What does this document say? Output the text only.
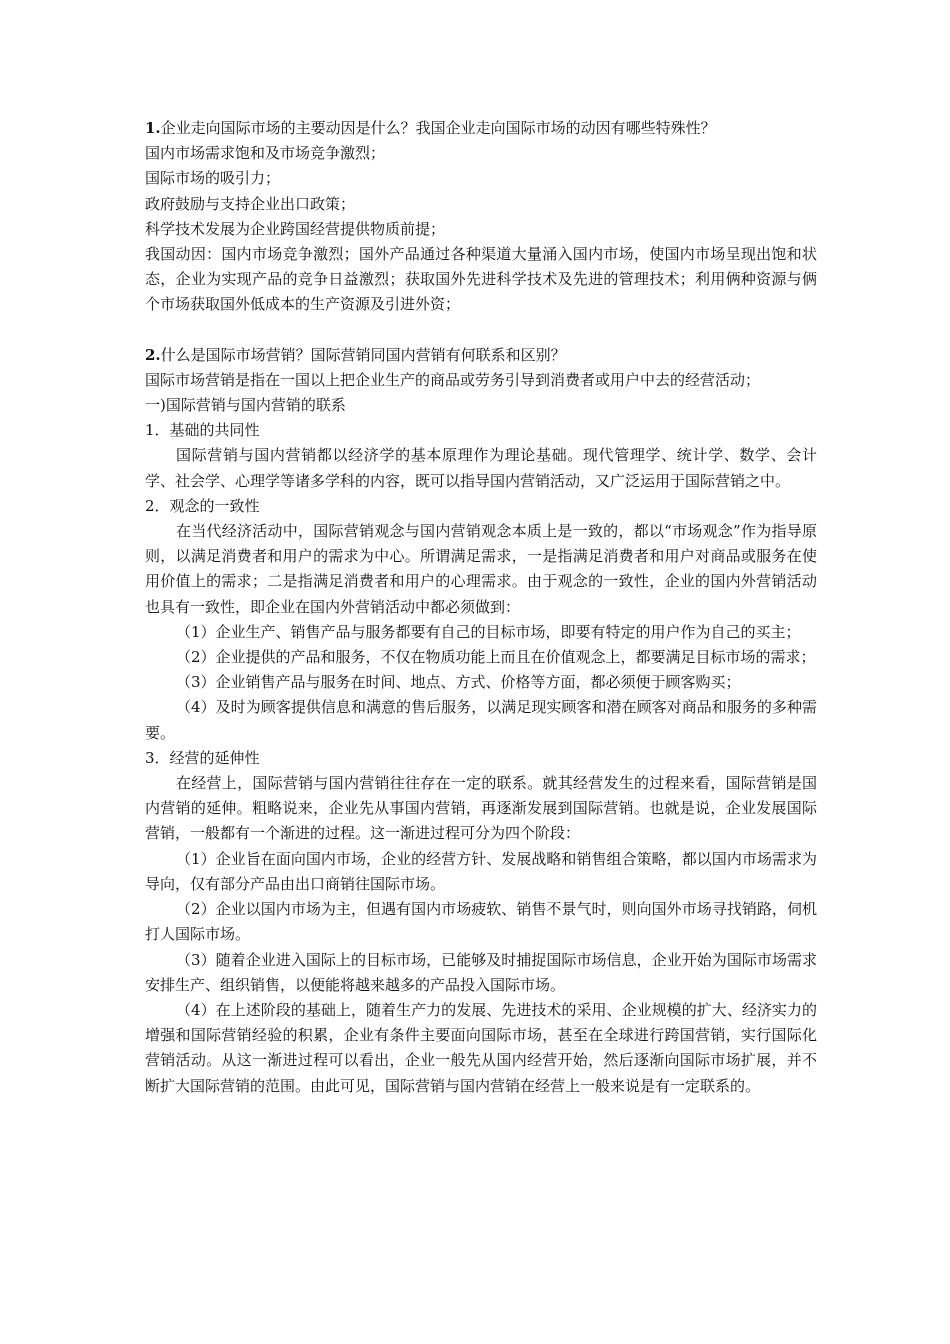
1.企业走向国际市场的主要动因是什么？我国企业走向国际市场的动因有哪些特殊性？

国内市场需求饱和及市场竞争激烈；

国际市场的吸引力；

政府鼓励与支持企业出口政策；

科学技术发展为企业跨国经营提供物质前提；

我国动因：国内市场竞争激烈；国外产品通过各种渠道大量涌入国内市场，使国内市场呈现出饱和状态，企业为实现产品的竞争日益激烈；获取国外先进科学技术及先进的管理技术；利用俩种资源与俩个市场获取国外低成本的生产资源及引进外资；

2.什么是国际市场营销？国际营销同国内营销有何联系和区别？

国际市场营销是指在一国以上把企业生产的商品或劳务引导到消费者或用户中去的经营活动；

一)国际营销与国内营销的联系

1．基础的共同性

国际营销与国内营销都以经济学的基本原理作为理论基础。现代管理学、统计学、数学、会计学、社会学、心理学等诸多学科的内容，既可以指导国内营销活动，又广泛运用于国际营销之中。

2．观念的一致性

在当代经济活动中，国际营销观念与国内营销观念本质上是一致的，都以“市场观念”作为指导原则，以满足消费者和用户的需求为中心。所谓满足需求，一是指满足消费者和用户对商品或服务在使用价值上的需求；二是指满足消费者和用户的心理需求。由于观念的一致性，企业的国内外营销活动也具有一致性，即企业在国内外营销活动中都必须做到：

（1）企业生产、销售产品与服务都要有自己的目标市场，即要有特定的用户作为自己的买主；

（2）企业提供的产品和服务，不仅在物质功能上而且在价值观念上，都要满足目标市场的需求；

（3）企业销售产品与服务在时间、地点、方式、价格等方面，都必须便于顾客购买；

（4）及时为顾客提供信息和满意的售后服务，以满足现实顾客和潜在顾客对商品和服务的多种需要。

3．经营的延伸性

在经营上，国际营销与国内营销往往存在一定的联系。就其经营发生的过程来看，国际营销是国内营销的延伸。粗略说来，企业先从事国内营销，再逐渐发展到国际营销。也就是说，企业发展国际营销，一般都有一个渐进的过程。这一渐进过程可分为四个阶段：

（1）企业旨在面向国内市场，企业的经营方针、发展战略和销售组合策略，都以国内市场需求为导向，仅有部分产品由出口商销往国际市场。

（2）企业以国内市场为主，但遇有国内市场疲软、销售不景气时，则向国外市场寻找销路，伺机打人国际市场。

（3）随着企业进入国际上的目标市场，已能够及时捕捉国际市场信息，企业开始为国际市场需求安排生产、组织销售，以便能将越来越多的产品投入国际市场。

（4）在上述阶段的基础上，随着生产力的发展、先进技术的采用、企业规模的扩大、经济实力的增强和国际营销经验的积累，企业有条件主要面向国际市场，甚至在全球进行跨国营销，实行国际化营销活动。从这一渐进过程可以看出，企业一般先从国内经营开始，然后逐渐向国际市场扩展，并不断扩大国际营销的范围。由此可见，国际营销与国内营销在经营上一般来说是有一定联系的。
